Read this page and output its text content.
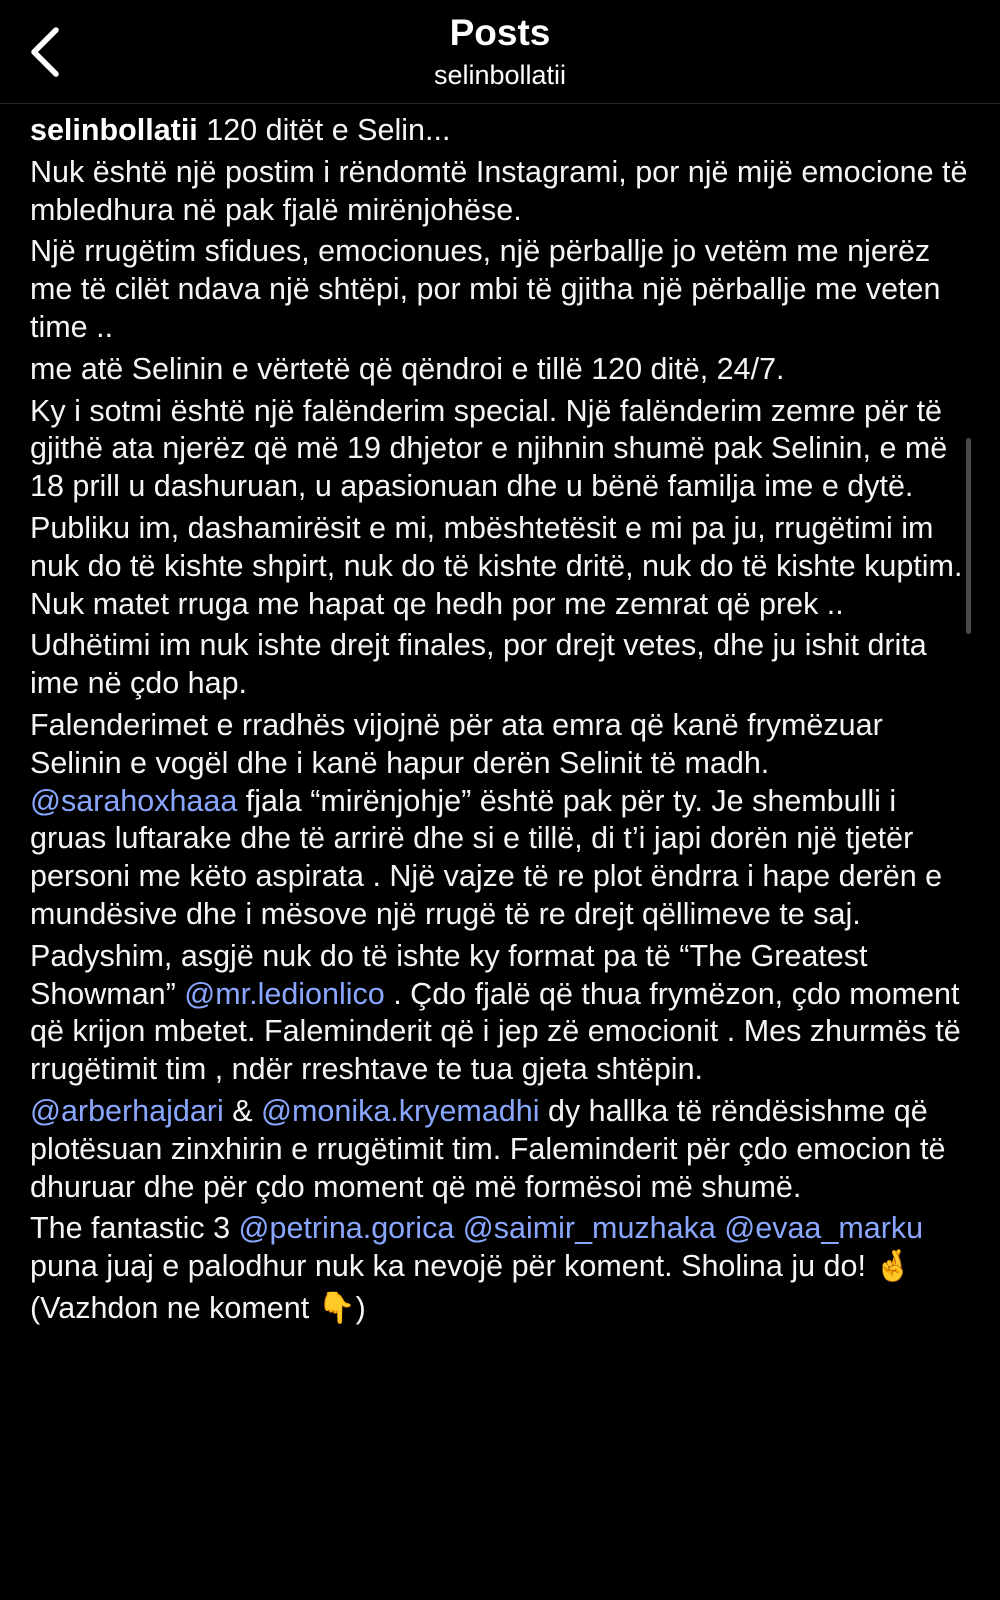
Posts
selinbollatii

selinbollatii 120 ditët e Selin...

Nuk është një postim i rëndomtë Instagrami, por një mijë emocione të mbledhura në pak fjalë mirënjohëse.

Një rrugëtim sfidues, emocionues, një përballje jo vetëm me njerëz me të cilët ndava një shtëpi, por mbi të gjitha një përballje me veten time ..

me atë Selinin e vërtetë që qëndroi e tillë 120 ditë, 24/7.

Ky i sotmi është një falënderim special. Një falënderim zemre për të gjithë ata njerëz që më 19 dhjetor e njihnin shumë pak Selinin, e më 18 prill u dashuruan, u apasionuan dhe u bënë familja ime e dytë.

Publiku im, dashamirësit e mi, mbështetësit e mi pa ju, rrugëtimi im nuk do të kishte shpirt, nuk do të kishte dritë, nuk do të kishte kuptim. Nuk matet rruga me hapat qe hedh por me zemrat që prek ..

Udhëtimi im nuk ishte drejt finales, por drejt vetes, dhe ju ishit drita ime në çdo hap.

Falenderimet e rradhës vijojnë për ata emra që kanë frymëzuar Selinin e vogël dhe i kanë hapur derën Selinit të madh. @sarahoxhaaa fjala “mirënjohje” është pak për ty. Je shembulli i gruas luftarake dhe të arrirë dhe si e tillë, di t’i japi dorën një tjetër personi me këto aspirata . Një vajze të re plot ëndrra i hape derën e mundësive dhe i mësove një rrugë të re drejt qëllimeve te saj.

Padyshim, asgjë nuk do të ishte ky format pa të “The Greatest Showman” @mr.ledionlico . Çdo fjalë që thua frymëzon, çdo moment që krijon mbetet. Faleminderit që i jep zë emocionit . Mes zhurmës të rrugëtimit tim , ndër rreshtave te tua gjeta shtëpin.

@arberhajdari & @monika.kryemadhi dy hallka të rëndësishme që plotësuan zinxhirin e rrugëtimit tim. Faleminderit për çdo emocion të dhuruar dhe për çdo moment që më formësoi më shumë.

The fantastic 3 @petrina.gorica @saimir_muzhaka @evaa_marku puna juaj e palodhur nuk ka nevojë për koment. Sholina ju do! 🤞

(Vazhdon ne koment 👇)
